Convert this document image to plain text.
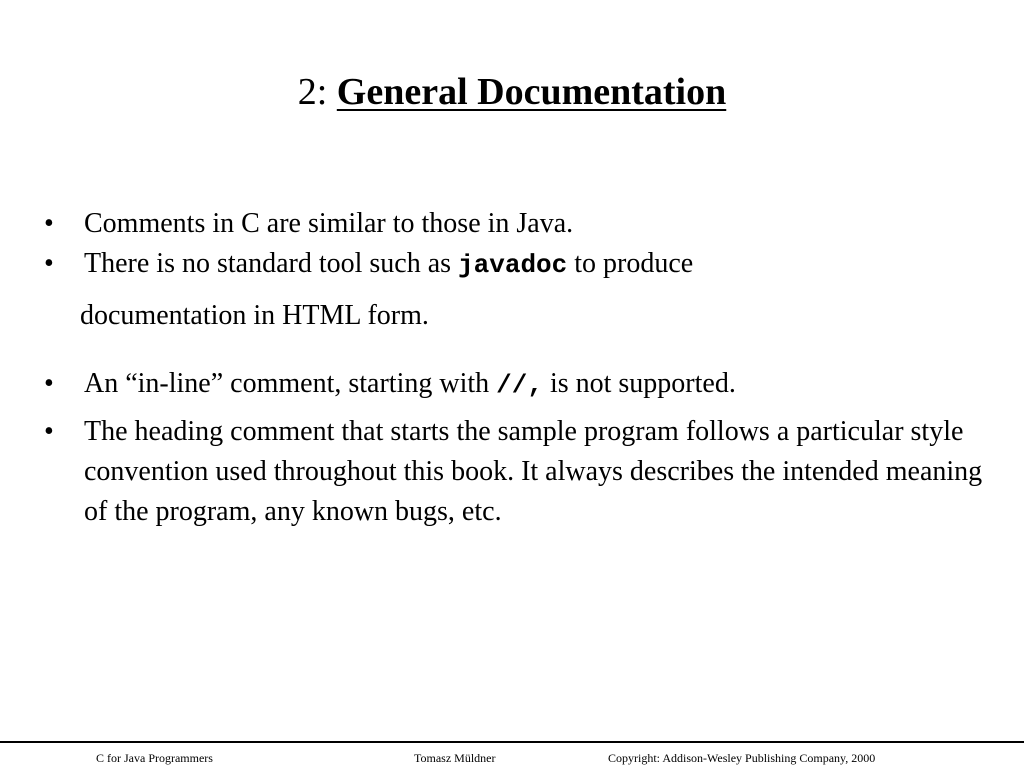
2: General Documentation

• Comments in C are similar to those in Java.

• There is no standard tool such as javadoc to produce

documentation in HTML form.

• An “in-line” comment, starting with //, is not supported.

• The heading comment that starts the sample program follows a particular style convention used throughout this book. It always describes the intended meaning of the program, any known bugs, etc.

C for Java Programmers	Tomasz Müldner	Copyright: Addison-Wesley Publishing Company, 2000
